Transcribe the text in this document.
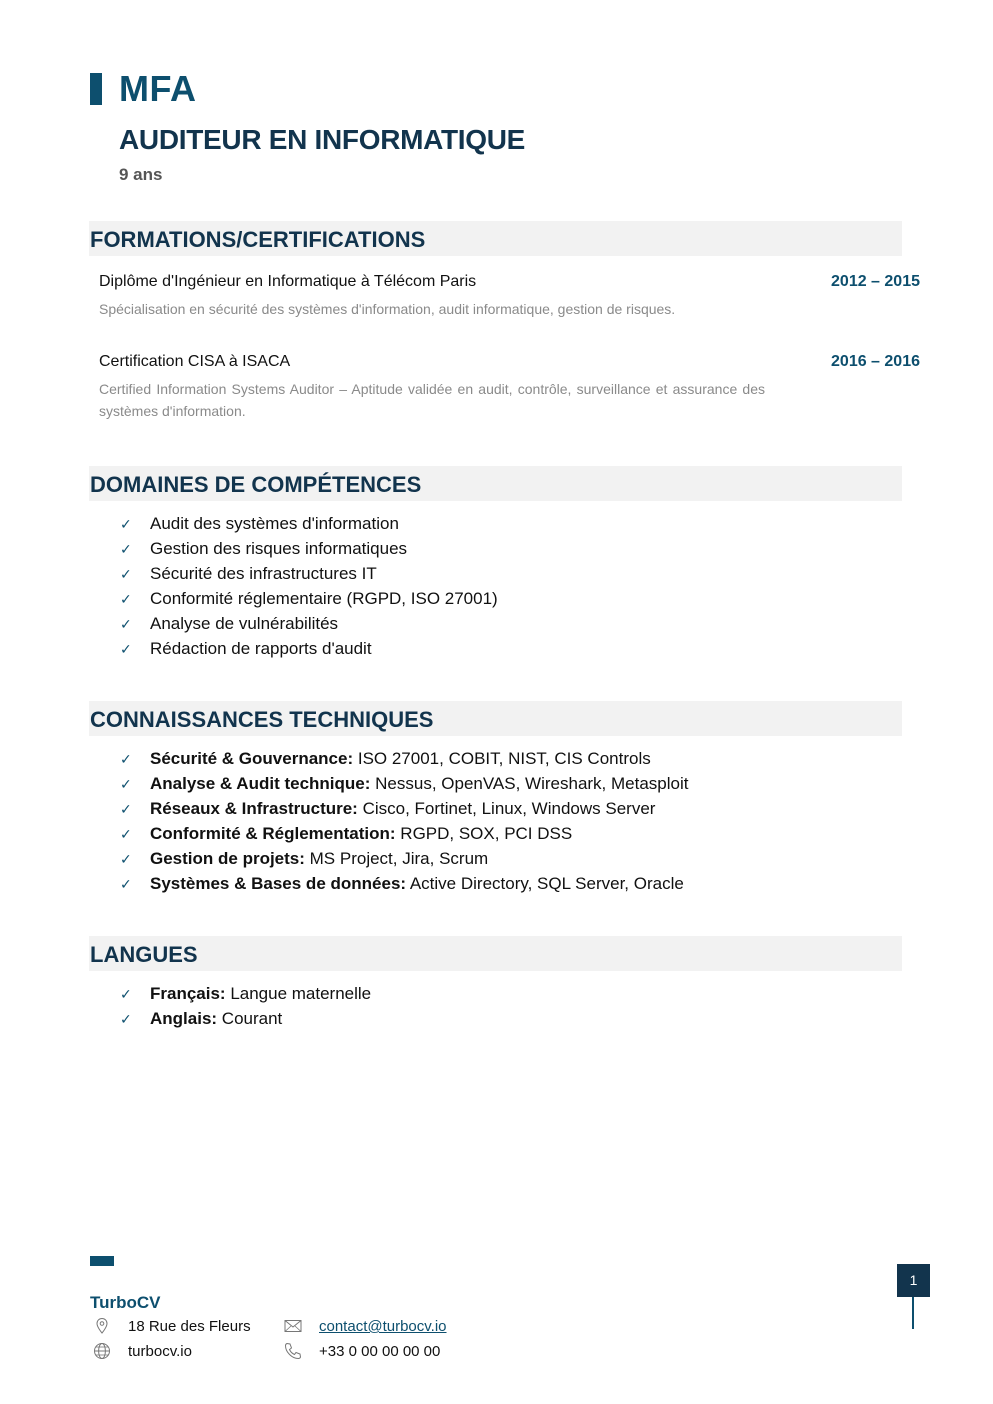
MFA
AUDITEUR EN INFORMATIQUE
9 ans
FORMATIONS/CERTIFICATIONS
Diplôme d'Ingénieur en Informatique à Télécom Paris	2012 – 2015
Spécialisation en sécurité des systèmes d'information, audit informatique, gestion de risques.
Certification CISA à ISACA	2016 – 2016
Certified Information Systems Auditor – Aptitude validée en audit, contrôle, surveillance et assurance des systèmes d'information.
DOMAINES DE COMPÉTENCES
✓ Audit des systèmes d'information
✓ Gestion des risques informatiques
✓ Sécurité des infrastructures IT
✓ Conformité réglementaire (RGPD, ISO 27001)
✓ Analyse de vulnérabilités
✓ Rédaction de rapports d'audit
CONNAISSANCES TECHNIQUES
✓ Sécurité & Gouvernance: ISO 27001, COBIT, NIST, CIS Controls
✓ Analyse & Audit technique: Nessus, OpenVAS, Wireshark, Metasploit
✓ Réseaux & Infrastructure: Cisco, Fortinet, Linux, Windows Server
✓ Conformité & Réglementation: RGPD, SOX, PCI DSS
✓ Gestion de projets: MS Project, Jira, Scrum
✓ Systèmes & Bases de données: Active Directory, SQL Server, Oracle
LANGUES
✓ Français: Langue maternelle
✓ Anglais: Courant
TurboCV
18 Rue des Fleurs
turbocv.io
contact@turbocv.io
+33 0 00 00 00 00
1
